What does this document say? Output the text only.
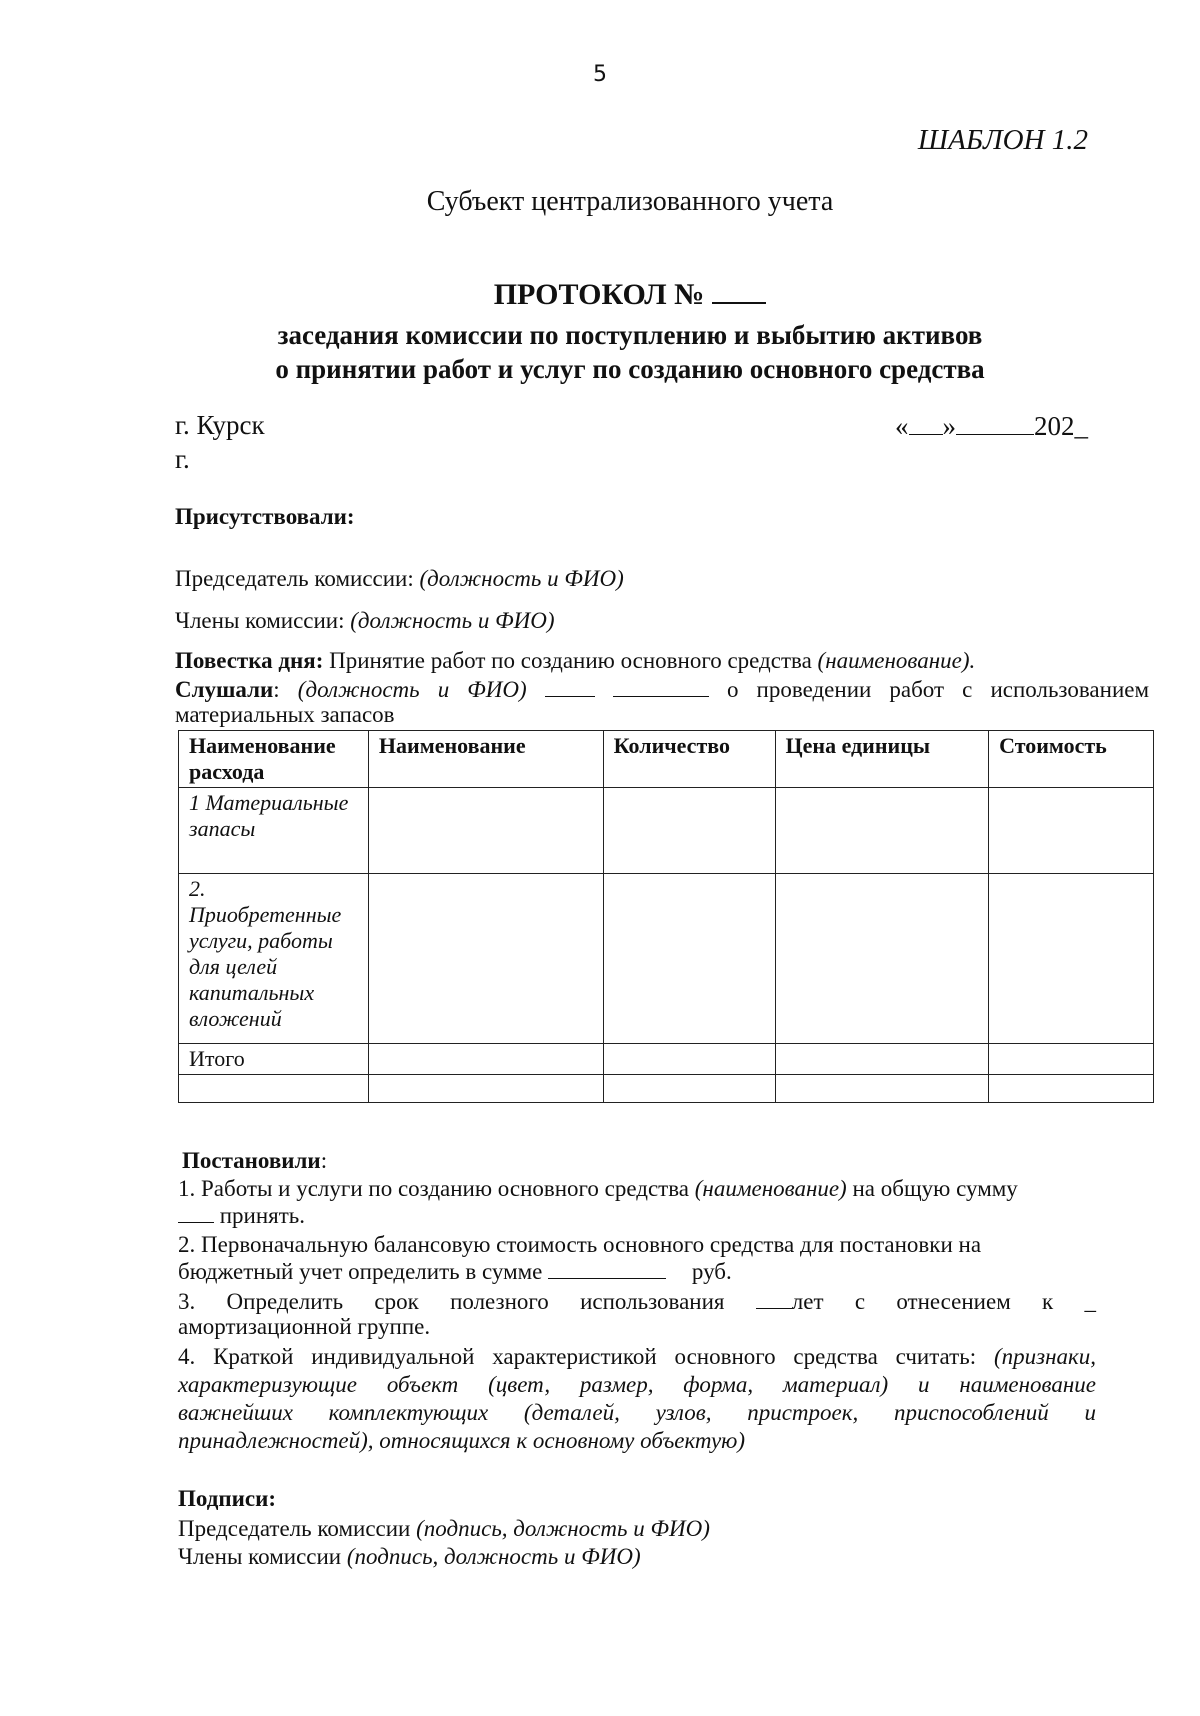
5
ШАБЛОН 1.2
Субъект централизованного учета
ПРОТОКОЛ №
заседания комиссии по поступлению и выбытию активов
о принятии работ и услуг по созданию основного средства
г. Курск
г.
« »	202_
Присутствовали:
Председатель комиссии: (должность и ФИО)
Члены комиссии: (должность и ФИО)
Повестка дня: Принятие работ по созданию основного средства (наименование).
Слушали: (должность и ФИО)	о проведении работ с использованием
материальных запасов
Наименование расхода	Наименование	Количество	Цена единицы	Стоимость
1 Материальные запасы				
2. Приобретенные услуги, работы для целей капитальных вложений				
Итого				

Постановили:
1. Работы и услуги по созданию основного средства (наименование) на общую сумму
принять.
2. Первоначальную балансовую стоимость основного средства для постановки на
бюджетный учет определить в сумме	руб.
3. Определить срок полезного использования	лет с отнесением к _
амортизационной группе.
4. Краткой индивидуальной характеристикой основного средства считать: (признаки,
характеризующие объект (цвет, размер, форма, материал) и наименование
важнейших комплектующих (деталей, узлов, пристроек, приспособлений и
принадлежностей), относящихся к основному объектую)
Подписи:
Председатель комиссии (подпись, должность и ФИО)
Члены комиссии (подпись, должность и ФИО)
